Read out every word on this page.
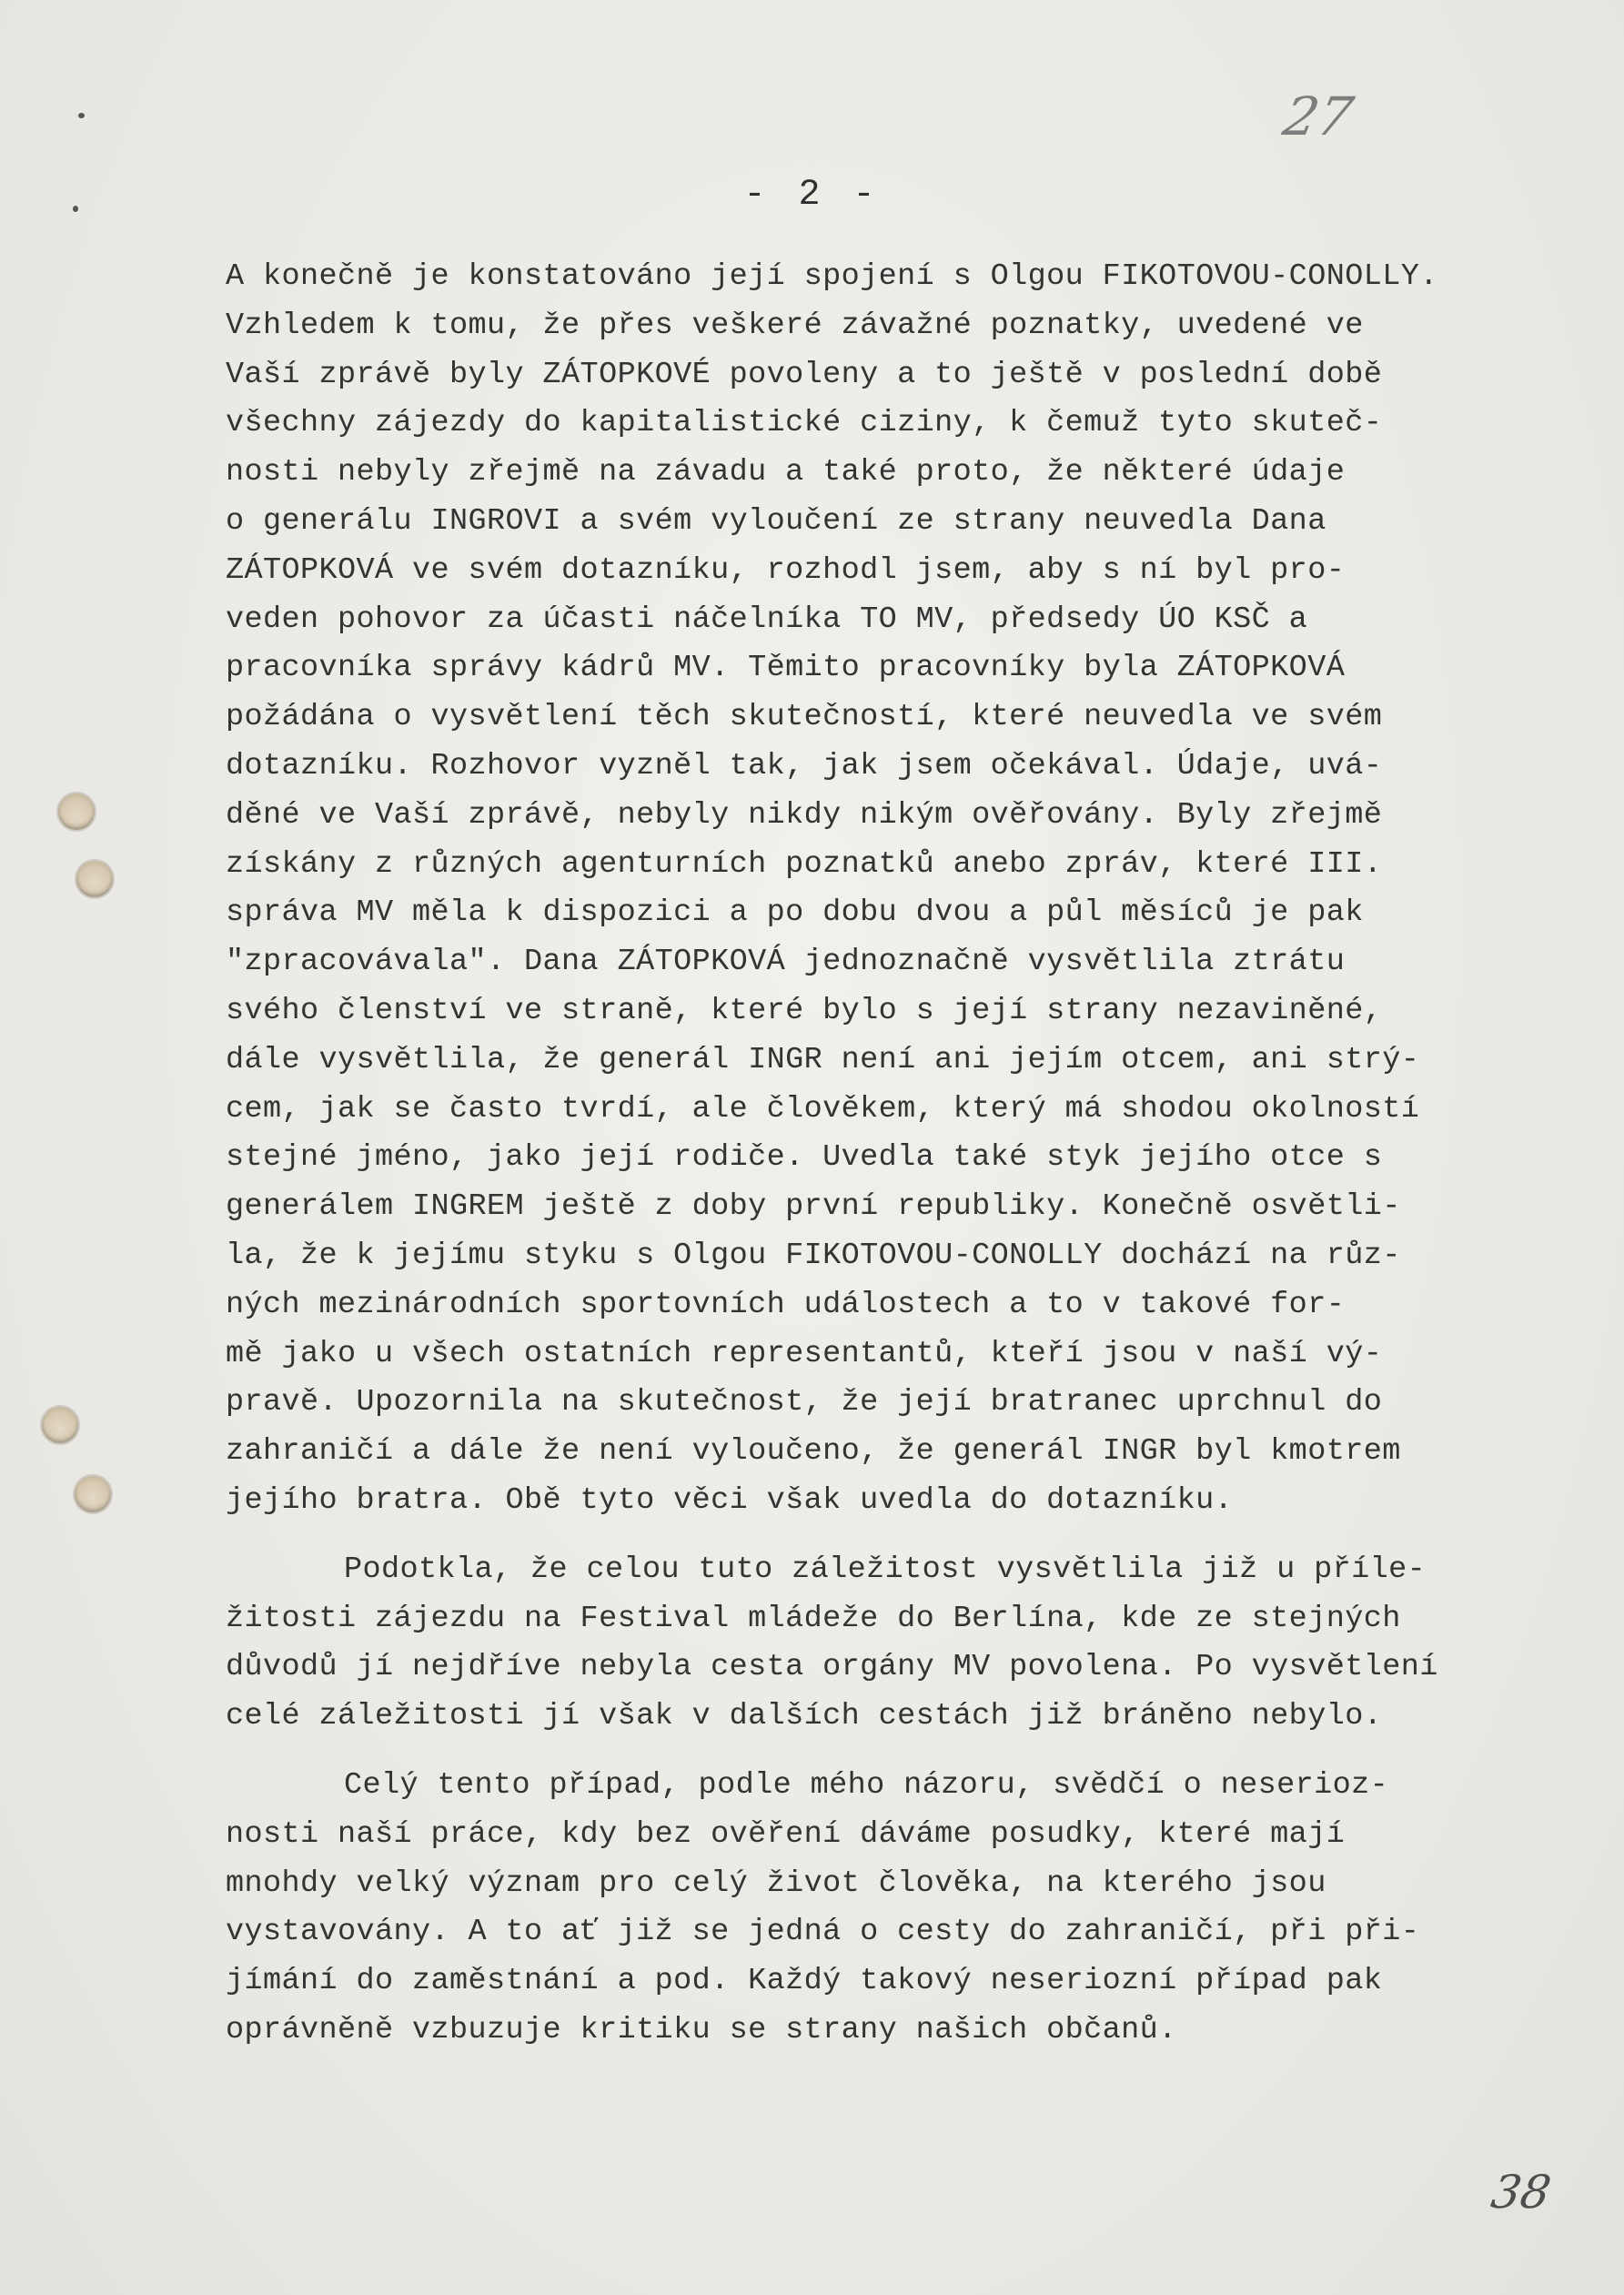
27
- 2 -
A konečně je konstatováno její spojení s Olgou FIKOTOVOU-CONOLLY.
Vzhledem k tomu, že přes veškeré závažné poznatky, uvedené ve
Vaší zprávě byly ZÁTOPKOVÉ povoleny a to ještě v poslední době
všechny zájezdy do kapitalistické ciziny, k čemuž tyto skuteč-
nosti nebyly zřejmě na závadu a také proto, že některé údaje
o generálu INGROVI a svém vyloučení ze strany neuvedla Dana
ZÁTOPKOVÁ ve svém dotazníku, rozhodl jsem, aby s ní byl pro-
veden pohovor za účasti náčelníka TO MV, předsedy ÚO KSČ a
pracovníka správy kádrů MV. Těmito pracovníky byla ZÁTOPKOVÁ
požádána o vysvětlení těch skutečností, které neuvedla ve svém
dotazníku. Rozhovor vyzněl tak, jak jsem očekával. Údaje, uvá-
děné ve Vaší zprávě, nebyly nikdy nikým ověřovány. Byly zřejmě
získány z různých agenturních poznatků anebo zpráv, které III.
správa MV měla k dispozici a po dobu dvou a půl měsíců je pak
"zpracovávala". Dana ZÁTOPKOVÁ jednoznačně vysvětlila ztrátu
svého členství ve straně, které bylo s její strany nezaviněné,
dále vysvětlila, že generál INGR není ani jejím otcem, ani strý-
cem, jak se často tvrdí, ale člověkem, který má shodou okolností
stejné jméno, jako její rodiče. Uvedla také styk jejího otce s
generálem INGREM ještě z doby první republiky. Konečně osvětli-
la, že k jejímu styku s Olgou FIKOTOVOU-CONOLLY dochází na růz-
ných mezinárodních sportovních událostech a to v takové for-
mě jako u všech ostatních representantů, kteří jsou v naší vý-
pravě. Upozornila na skutečnost, že její bratranec uprchnul do
zahraničí a dále že není vyloučeno, že generál INGR byl kmotrem
jejího bratra. Obě tyto věci však uvedla do dotazníku.
Podotkla, že celou tuto záležitost vysvětlila již u příle-
žitosti zájezdu na Festival mládeže do Berlína, kde ze stejných
důvodů jí nejdříve nebyla cesta orgány MV povolena. Po vysvětlení
celé záležitosti jí však v dalších cestách již bráněno nebylo.
Celý tento případ, podle mého názoru, svědčí o neserioz-
nosti naší práce, kdy bez ověření dáváme posudky, které mají
mnohdy velký význam pro celý život člověka, na kterého jsou
vystavovány. A to ať již se jedná o cesty do zahraničí, při při-
jímání do zaměstnání a pod. Každý takový neseriozní případ pak
oprávněně vzbuzuje kritiku se strany našich občanů.
38
